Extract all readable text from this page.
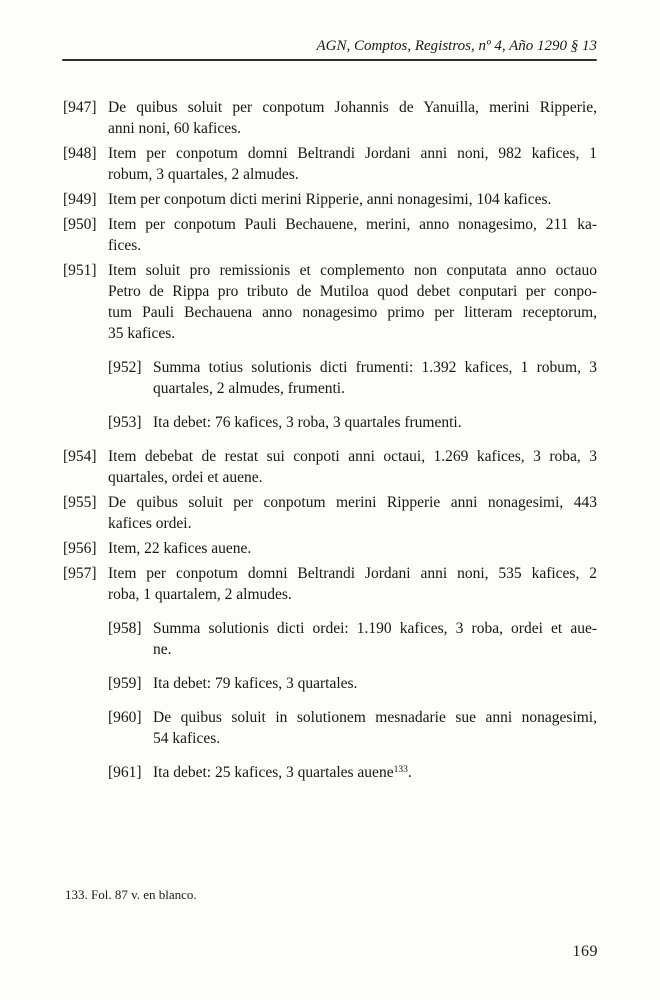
AGN, Comptos, Registros, nº 4, Año 1290 § 13
[947] De quibus soluit per conpotum Johannis de Yanuilla, merini Ripperie,
anni noni, 60 kafices.
[948] Item per conpotum domni Beltrandi Jordani anni noni, 982 kafices, 1
robum, 3 quartales, 2 almudes.
[949] Item per conpotum dicti merini Ripperie, anni nonagesimi, 104 kafices.
[950] Item per conpotum Pauli Bechauene, merini, anno nonagesimo, 211 ka-
fices.
[951] Item soluit pro remissionis et complemento non conputata anno octauo
Petro de Rippa pro tributo de Mutiloa quod debet conputari per conpo-
tum Pauli Bechauena anno nonagesimo primo per litteram receptorum,
35 kafices.
[952] Summa totius solutionis dicti frumenti: 1.392 kafices, 1 robum, 3
quartales, 2 almudes, frumenti.
[953] Ita debet: 76 kafices, 3 roba, 3 quartales frumenti.
[954] Item debebat de restat sui conpoti anni octaui, 1.269 kafices, 3 roba, 3
quartales, ordei et auene.
[955] De quibus soluit per conpotum merini Ripperie anni nonagesimi, 443
kafices ordei.
[956] Item, 22 kafices auene.
[957] Item per conpotum domni Beltrandi Jordani anni noni, 535 kafices, 2
roba, 1 quartalem, 2 almudes.
[958] Summa solutionis dicti ordei: 1.190 kafices, 3 roba, ordei et aue-
ne.
[959] Ita debet: 79 kafices, 3 quartales.
[960] De quibus soluit in solutionem mesnadarie sue anni nonagesimi,
54 kafices.
[961] Ita debet: 25 kafices, 3 quartales auene$^{133}$.
133. Fol. 87 v. en blanco.
169
